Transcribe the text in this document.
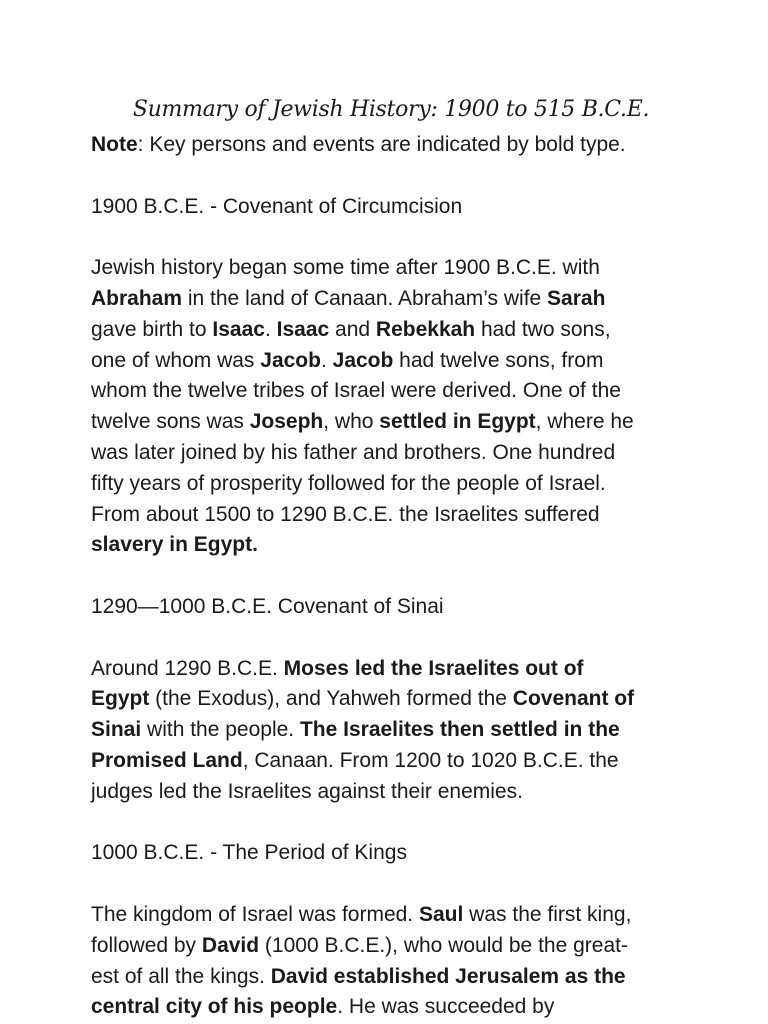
Summary of Jewish History: 1900 to 515 B.C.E.
Note: Key persons and events are indicated by bold type.
1900 B.C.E. - Covenant of Circumcision
Jewish history began some time after 1900 B.C.E. with
Abraham in the land of Canaan. Abraham’s wife Sarah
gave birth to Isaac. Isaac and Rebekkah had two sons,
one of whom was Jacob. Jacob had twelve sons, from
whom the twelve tribes of Israel were derived. One of the
twelve sons was Joseph, who settled in Egypt, where he
was later joined by his father and brothers. One hundred
fifty years of prosperity followed for the people of Israel.
From about 1500 to 1290 B.C.E. the Israelites suffered
slavery in Egypt.
1290—1000 B.C.E. Covenant of Sinai
Around 1290 B.C.E. Moses led the Israelites out of
Egypt (the Exodus), and Yahweh formed the Covenant of
Sinai with the people. The Israelites then settled in the
Promised Land, Canaan. From 1200 to 1020 B.C.E. the
judges led the Israelites against their enemies.
1000 B.C.E. - The Period of Kings
The kingdom of Israel was formed. Saul was the first king,
followed by David (1000 B.C.E.), who would be the great-
est of all the kings. David established Jerusalem as the
central city of his people. He was succeeded by
